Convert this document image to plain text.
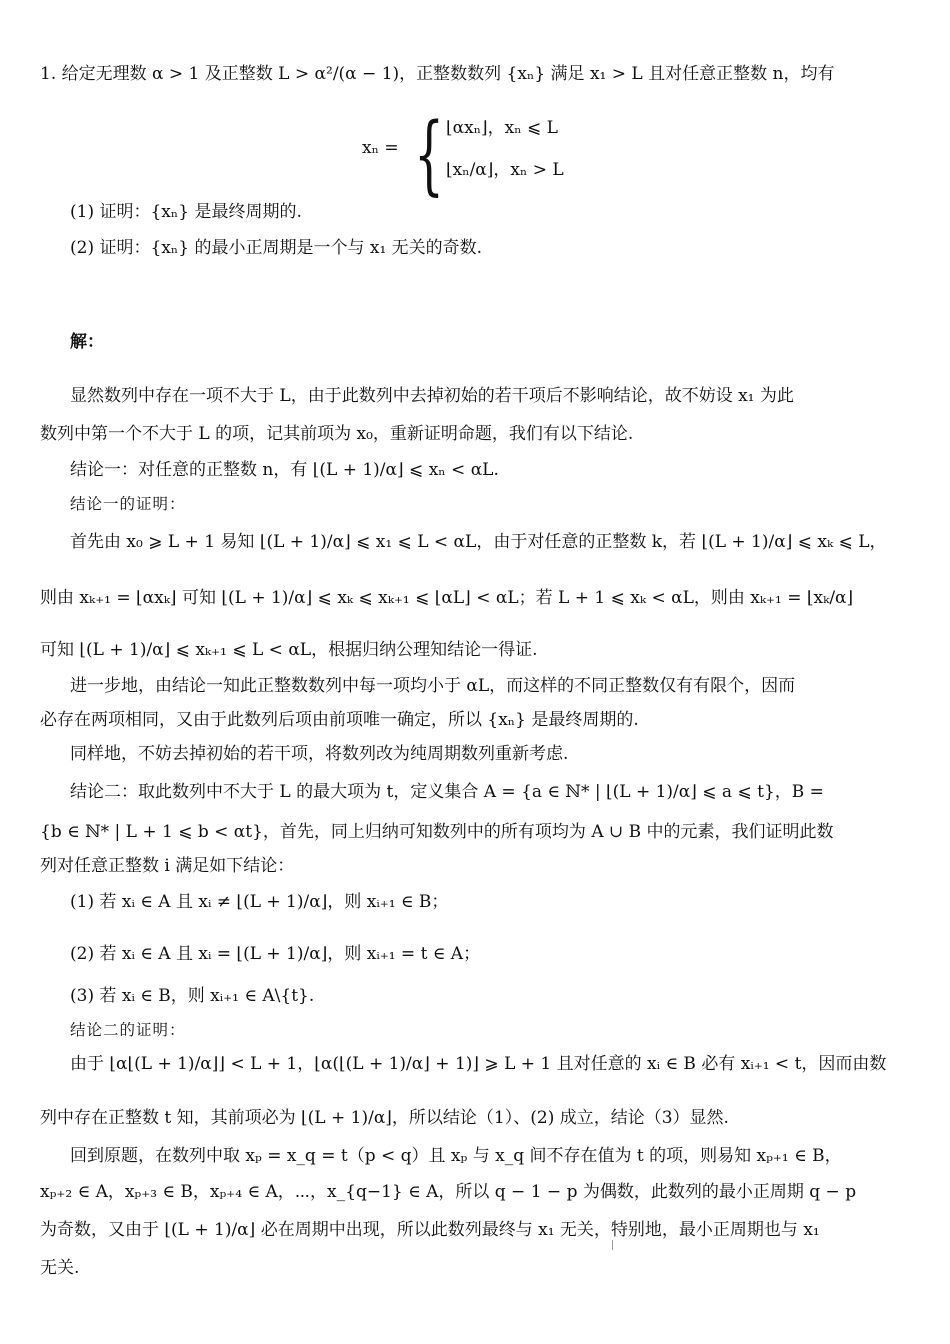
1. 给定无理数 α > 1 及正整数 L > α²/(α − 1)，正整数数列 {xₙ} 满足 x₁ > L 且对任意正整数 n，均有
xₙ = { ⌊αxₙ⌋，xₙ ⩽ L
⌊xₙ/α⌋，xₙ > L
(1) 证明：{xₙ} 是最终周期的.
(2) 证明：{xₙ} 的最小正周期是一个与 x₁ 无关的奇数.
解：
显然数列中存在一项不大于 L，由于此数列中去掉初始的若干项后不影响结论，故不妨设 x₁ 为此
数列中第一个不大于 L 的项，记其前项为 x₀，重新证明命题，我们有以下结论.
结论一：对任意的正整数 n，有 ⌊(L + 1)/α⌋ ⩽ xₙ < αL.
结论一的证明：
首先由 x₀ ⩾ L + 1 易知 ⌊(L + 1)/α⌋ ⩽ x₁ ⩽ L < αL，由于对任意的正整数 k，若 ⌊(L + 1)/α⌋ ⩽ xₖ ⩽ L，
则由 xₖ₊₁ = ⌊αxₖ⌋ 可知 ⌊(L + 1)/α⌋ ⩽ xₖ ⩽ xₖ₊₁ ⩽ ⌊αL⌋ < αL；若 L + 1 ⩽ xₖ < αL，则由 xₖ₊₁ = ⌊xₖ/α⌋
可知 ⌊(L + 1)/α⌋ ⩽ xₖ₊₁ ⩽ L < αL，根据归纳公理知结论一得证.
进一步地，由结论一知此正整数数列中每一项均小于 αL，而这样的不同正整数仅有有限个，因而
必存在两项相同，又由于此数列后项由前项唯一确定，所以 {xₙ} 是最终周期的.
同样地，不妨去掉初始的若干项，将数列改为纯周期数列重新考虑.
结论二：取此数列中不大于 L 的最大项为 t，定义集合 A = {a ∈ ℕ* | ⌊(L + 1)/α⌋ ⩽ a ⩽ t}，B =
{b ∈ ℕ* | L + 1 ⩽ b < αt}，首先，同上归纳可知数列中的所有项均为 A ∪ B 中的元素，我们证明此数
列对任意正整数 i 满足如下结论：
(1) 若 xᵢ ∈ A 且 xᵢ ≠ ⌊(L + 1)/α⌋，则 xᵢ₊₁ ∈ B；
(2) 若 xᵢ ∈ A 且 xᵢ = ⌊(L + 1)/α⌋，则 xᵢ₊₁ = t ∈ A；
(3) 若 xᵢ ∈ B，则 xᵢ₊₁ ∈ A\{t}.
结论二的证明：
由于 ⌊α⌊(L + 1)/α⌋⌋ < L + 1，⌊α(⌊(L + 1)/α⌋ + 1)⌋ ⩾ L + 1 且对任意的 xᵢ ∈ B 必有 xᵢ₊₁ < t，因而由数
列中存在正整数 t 知，其前项必为 ⌊(L + 1)/α⌋，所以结论（1）、(2) 成立，结论（3）显然.
回到原题，在数列中取 xₚ = x_q = t（p < q）且 xₚ 与 x_q 间不存在值为 t 的项，则易知 xₚ₊₁ ∈ B，
xₚ₊₂ ∈ A，xₚ₊₃ ∈ B，xₚ₊₄ ∈ A，⋯，x_{q−1} ∈ A，所以 q − 1 − p 为偶数，此数列的最小正周期 q − p
为奇数，又由于 ⌊(L + 1)/α⌋ 必在周期中出现，所以此数列最终与 x₁ 无关，特别地，最小正周期也与 x₁
无关.
